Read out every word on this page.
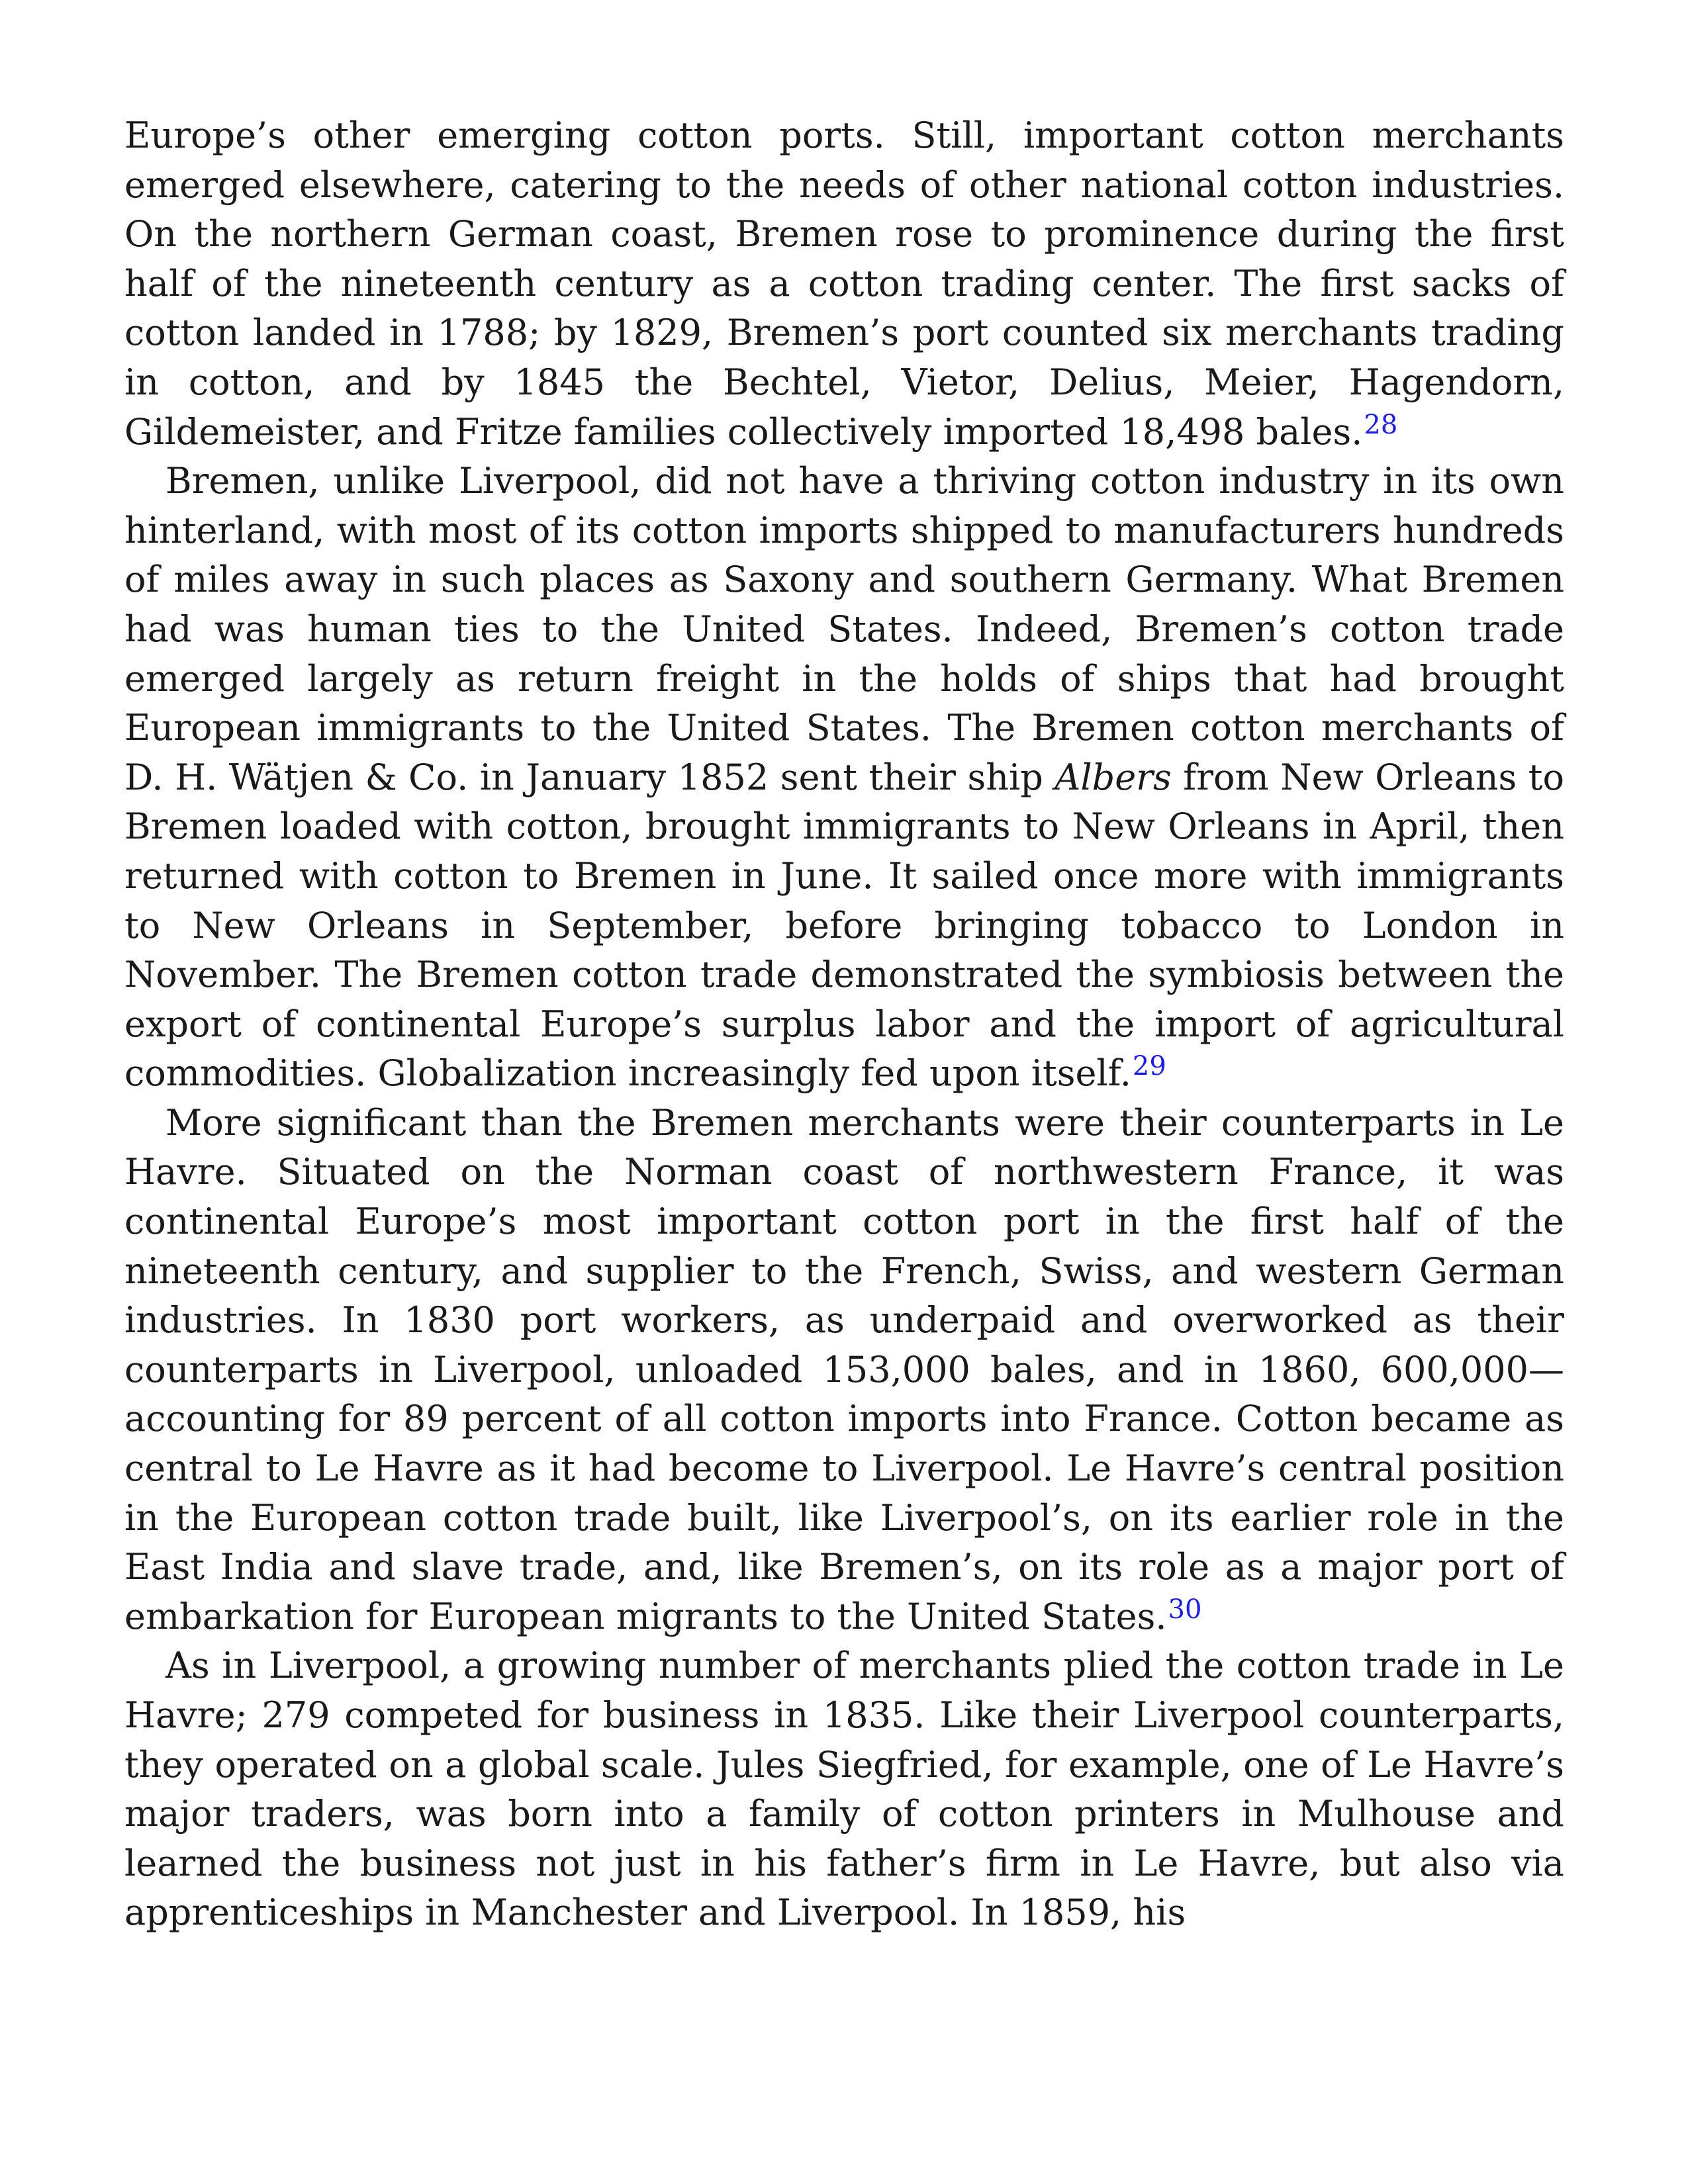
Europe’s other emerging cotton ports. Still, important cotton merchants emerged elsewhere, catering to the needs of other national cotton industries. On the northern German coast, Bremen rose to prominence during the first half of the nineteenth century as a cotton trading center. The first sacks of cotton landed in 1788; by 1829, Bremen’s port counted six merchants trading in cotton, and by 1845 the Bechtel, Vietor, Delius, Meier, Hagendorn, Gildemeister, and Fritze families collectively imported 18,498 bales.$^{28}$

Bremen, unlike Liverpool, did not have a thriving cotton industry in its own hinterland, with most of its cotton imports shipped to manufacturers hundreds of miles away in such places as Saxony and southern Germany. What Bremen had was human ties to the United States. Indeed, Bremen’s cotton trade emerged largely as return freight in the holds of ships that had brought European immigrants to the United States. The Bremen cotton merchants of D. H. Wätjen & Co. in January 1852 sent their ship Albers from New Orleans to Bremen loaded with cotton, brought immigrants to New Orleans in April, then returned with cotton to Bremen in June. It sailed once more with immigrants to New Orleans in September, before bringing tobacco to London in November. The Bremen cotton trade demonstrated the symbiosis between the export of continental Europe’s surplus labor and the import of agricultural commodities. Globalization increasingly fed upon itself.$^{29}$

More significant than the Bremen merchants were their counterparts in Le Havre. Situated on the Norman coast of northwestern France, it was continental Europe’s most important cotton port in the first half of the nineteenth century, and supplier to the French, Swiss, and western German industries. In 1830 port workers, as underpaid and overworked as their counterparts in Liverpool, unloaded 153,000 bales, and in 1860, 600,000—accounting for 89 percent of all cotton imports into France. Cotton became as central to Le Havre as it had become to Liverpool. Le Havre’s central position in the European cotton trade built, like Liverpool’s, on its earlier role in the East India and slave trade, and, like Bremen’s, on its role as a major port of embarkation for European migrants to the United States.$^{30}$

As in Liverpool, a growing number of merchants plied the cotton trade in Le Havre; 279 competed for business in 1835. Like their Liverpool counterparts, they operated on a global scale. Jules Siegfried, for example, one of Le Havre’s major traders, was born into a family of cotton printers in Mulhouse and learned the business not just in his father’s firm in Le Havre, but also via apprenticeships in Manchester and Liverpool. In 1859, his
